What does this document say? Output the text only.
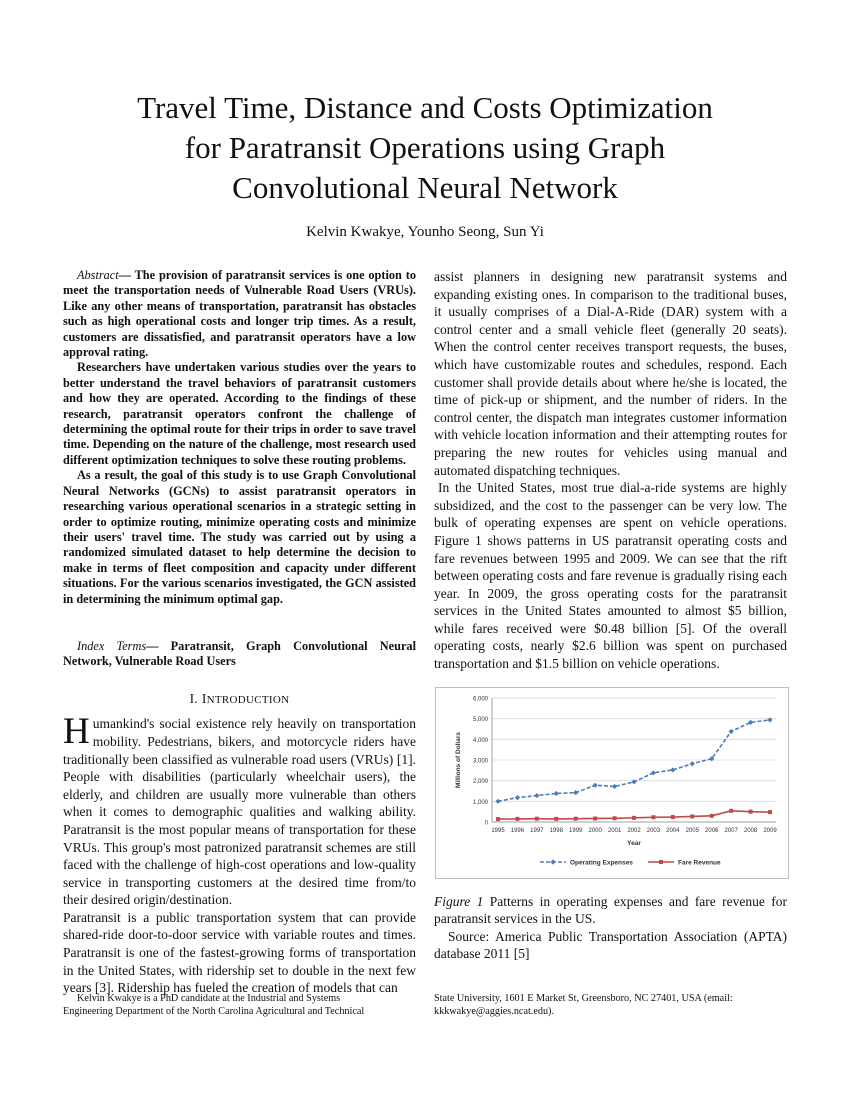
Travel Time, Distance and Costs Optimization
for Paratransit Operations using Graph
Convolutional Neural Network
Kelvin Kwakye, Younho Seong, Sun Yi

Abstract— The provision of paratransit services is one option to meet the transportation needs of Vulnerable Road Users (VRUs). Like any other means of transportation, paratransit has obstacles such as high operational costs and longer trip times. As a result, customers are dissatisfied, and paratransit operators have a low approval rating.

Researchers have undertaken various studies over the years to better understand the travel behaviors of paratransit customers and how they are operated. According to the findings of these research, paratransit operators confront the challenge of determining the optimal route for their trips in order to save travel time. Depending on the nature of the challenge, most research used different optimization techniques to solve these routing problems.

As a result, the goal of this study is to use Graph Convolutional Neural Networks (GCNs) to assist paratransit operators in researching various operational scenarios in a strategic setting in order to optimize routing, minimize operating costs and minimize their users' travel time. The study was carried out by using a randomized simulated dataset to help determine the decision to make in terms of fleet composition and capacity under different situations. For the various scenarios investigated, the GCN assisted in determining the minimum optimal gap.

Index Terms— Paratransit, Graph Convolutional Neural Network, Vulnerable Road Users
I. INTRODUCTION

Humankind's social existence rely heavily on transportation mobility. Pedestrians, bikers, and motorcycle riders have traditionally been classified as vulnerable road users (VRUs) [1]. People with disabilities (particularly wheelchair users), the elderly, and children are usually more vulnerable than others when it comes to demographic qualities and walking ability. Paratransit is the most popular means of transportation for these VRUs. This group's most patronized paratransit schemes are still faced with the challenge of high-cost operations and low-quality service in transporting customers at the desired time from/to their desired origin/destination.

Paratransit is a public transportation system that can provide shared-ride door-to-door service with variable routes and times. Paratransit is one of the fastest-growing forms of transportation in the United States, with ridership set to double in the next few years [3]. Ridership has fueled the creation of models that can

assist planners in designing new paratransit systems and expanding existing ones. In comparison to the traditional buses, it usually comprises of a Dial-A-Ride (DAR) system with a control center and a small vehicle fleet (generally 20 seats). When the control center receives transport requests, the buses, which have customizable routes and schedules, respond. Each customer shall provide details about where he/she is located, the time of pick-up or shipment, and the number of riders. In the control center, the dispatch man integrates customer information with vehicle location information and their attempting routes for preparing the new routes for vehicles using manual and automated dispatching techniques.

In the United States, most true dial-a-ride systems are highly subsidized, and the cost to the passenger can be very low. The bulk of operating expenses are spent on vehicle operations. Figure 1 shows patterns in US paratransit operating costs and fare revenues between 1995 and 2009. We can see that the rift between operating costs and fare revenue is gradually rising each year. In 2009, the gross operating costs for the paratransit services in the United States amounted to almost $5 billion, while fares received were $0.48 billion [5]. Of the overall operating costs, nearly $2.6 billion was spent on purchased transportation and $1.5 billion on vehicle operations.

0
1,000
2,000
3,000
4,000
5,000
6,000
1995 1996 1997 1998 1999 2000 2001 2002 2003 2004 2005 2006 2007 2008 2009
Year
Millions of Dollars
Operating Expenses	Fare Revenue
Figure 1 Patterns in operating expenses and fare revenue for paratransit services in the US.
Source: America Public Transportation Association (APTA) database 2011 [5]
Kelvin Kwakye is a PhD candidate at the Industrial and Systems
Engineering Department of the North Carolina Agricultural and Technical
State University, 1601 E Market St, Greensboro, NC 27401, USA (email: kkkwakye@aggies.ncat.edu).
